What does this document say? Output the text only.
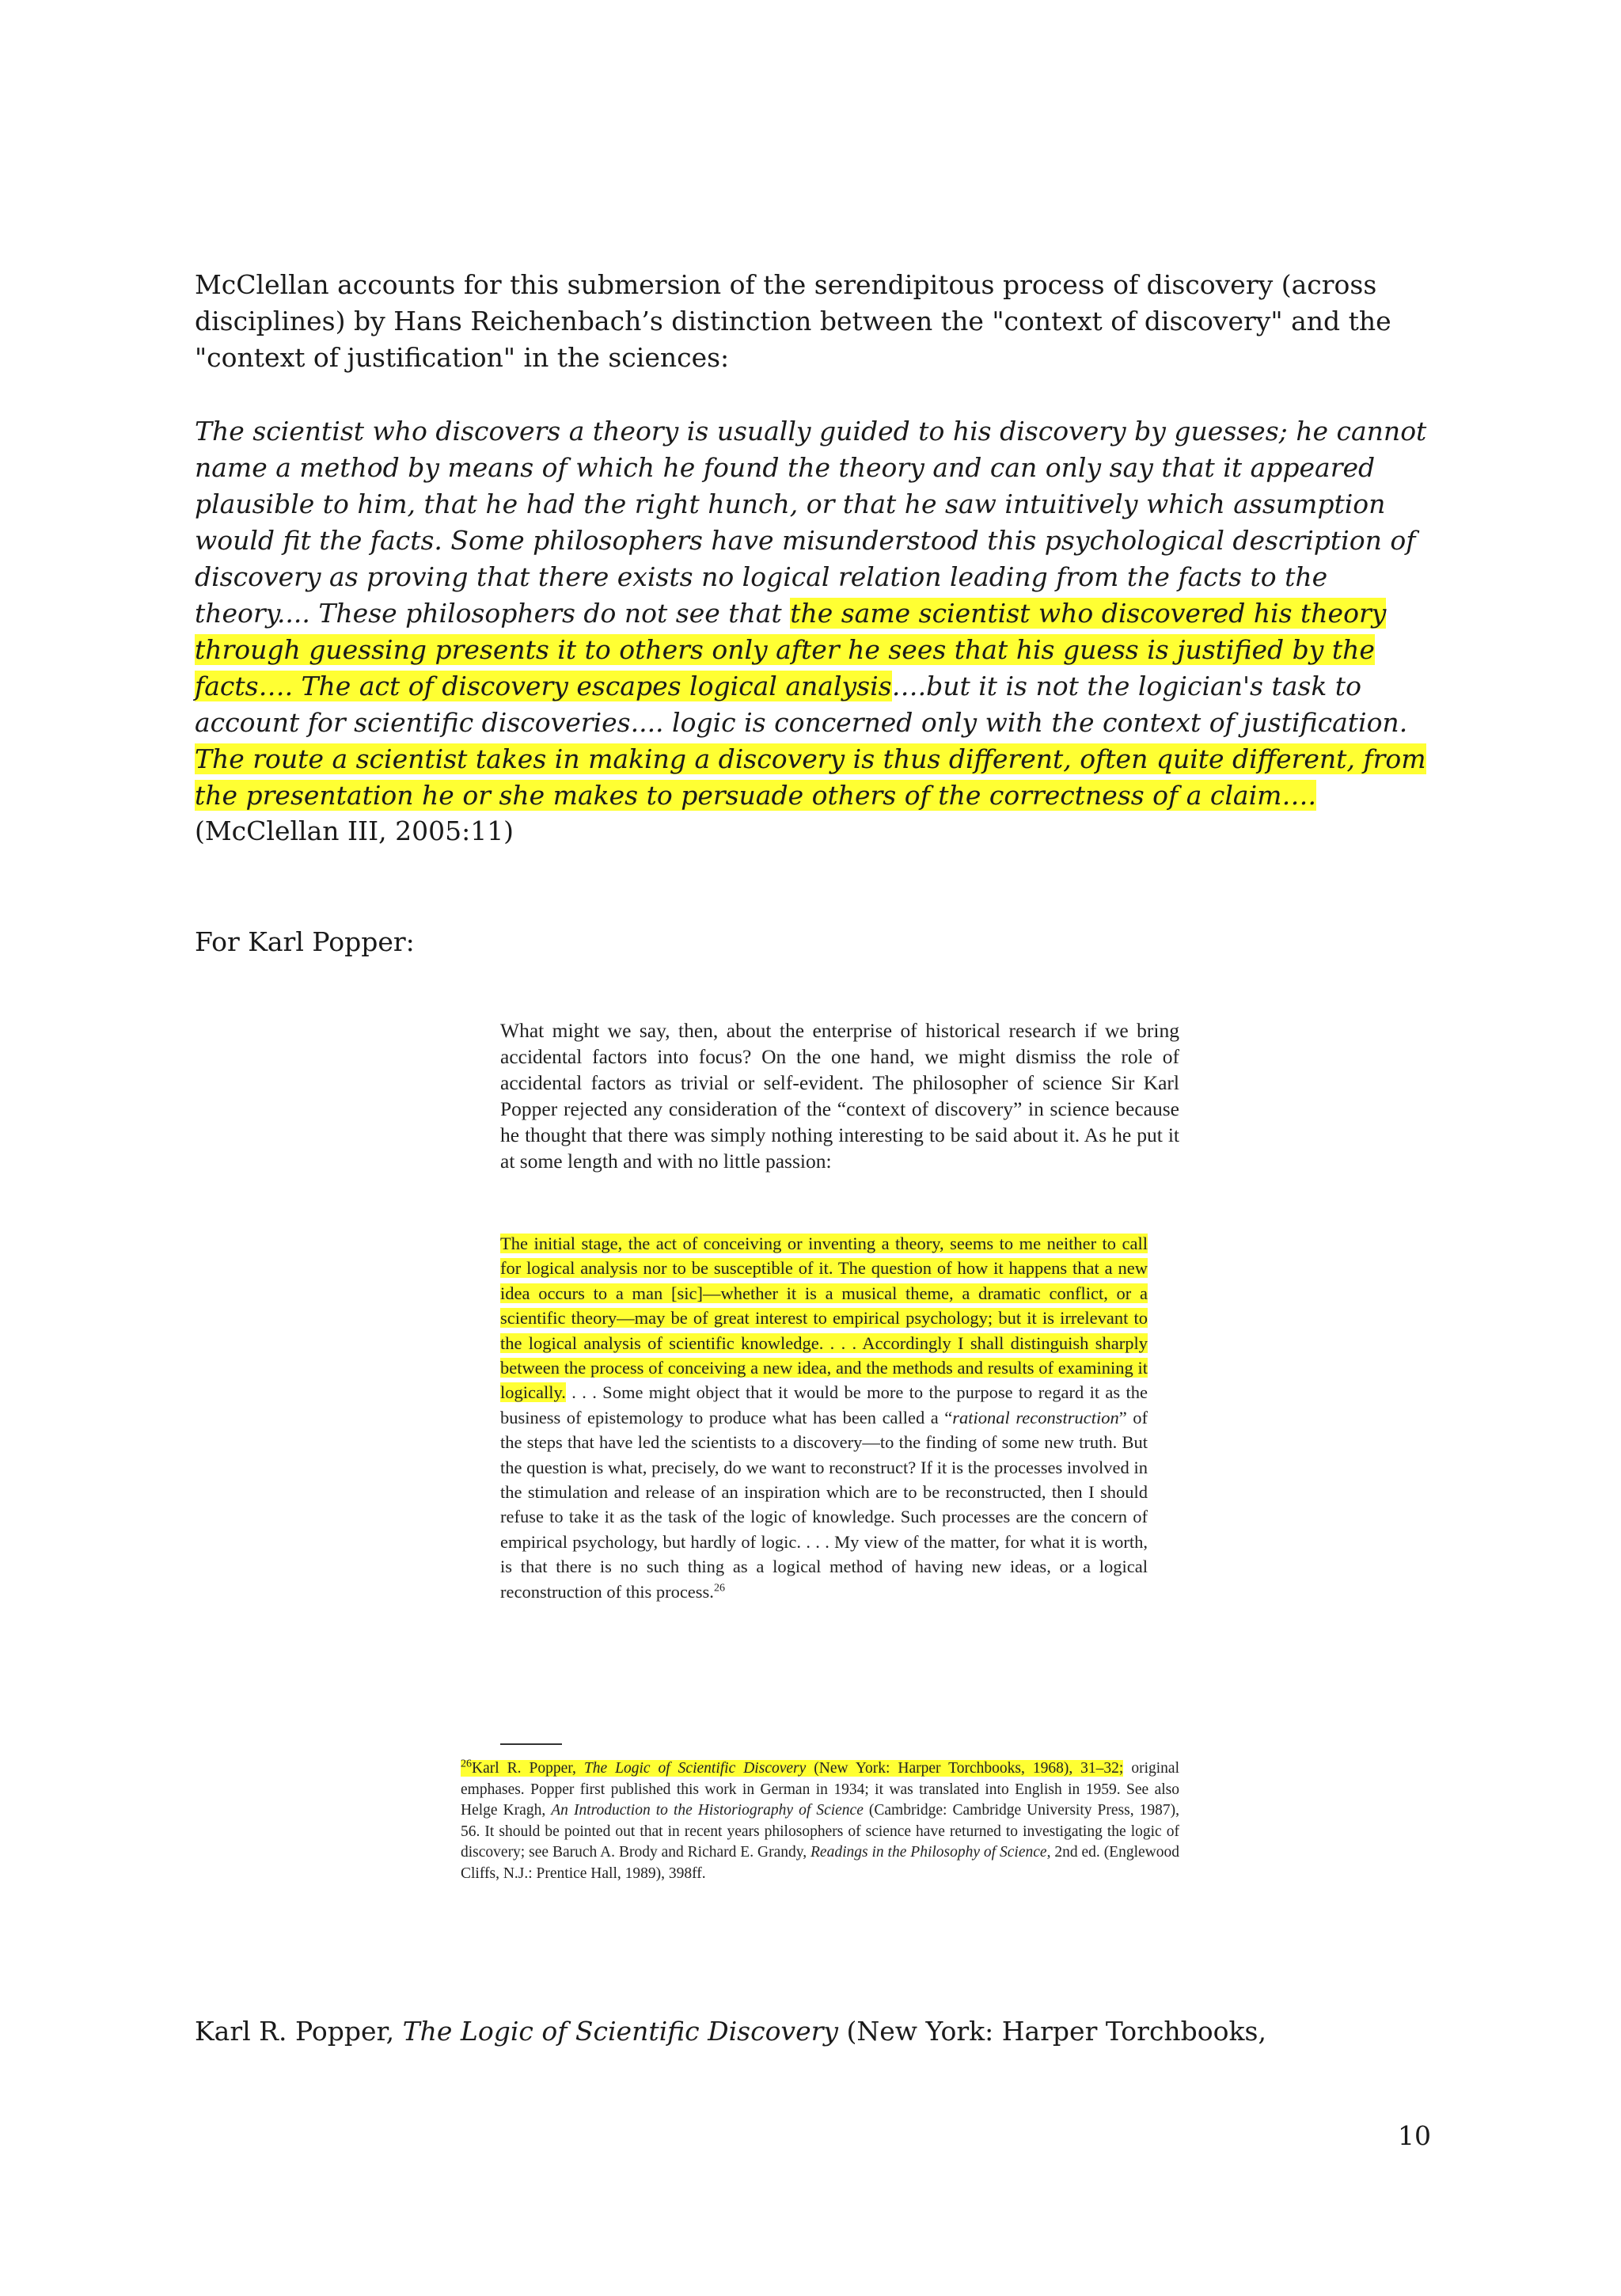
McClellan accounts for this submersion of the serendipitous process of discovery (across disciplines) by Hans Reichenbach’s distinction between the "context of discovery" and the "context of justification" in the sciences:
The scientist who discovers a theory is usually guided to his discovery by guesses; he cannot name a method by means of which he found the theory and can only say that it appeared plausible to him, that he had the right hunch, or that he saw intuitively which assumption would fit the facts. Some philosophers have misunderstood this psychological description of discovery as proving that there exists no logical relation leading from the facts to the theory.... These philosophers do not see that the same scientist who discovered his theory through guessing presents it to others only after he sees that his guess is justified by the facts…. The act of discovery escapes logical analysis….but it is not the logician's task to account for scientific discoveries.... logic is concerned only with the context of justification. The route a scientist takes in making a discovery is thus different, often quite different, from the presentation he or she makes to persuade others of the correctness of a claim….
(McClellan III, 2005:11)
For Karl Popper:

What might we say, then, about the enterprise of historical research if we bring accidental factors into focus? On the one hand, we might dismiss the role of accidental factors as trivial or self-evident. The philosopher of science Sir Karl Popper rejected any consideration of the “context of discovery” in science because he thought that there was simply nothing interesting to be said about it. As he put it at some length and with no little passion:

The initial stage, the act of conceiving or inventing a theory, seems to me neither to call for logical analysis nor to be susceptible of it. The question of how it happens that a new idea occurs to a man [sic]—whether it is a musical theme, a dramatic conflict, or a scientific theory—may be of great interest to empirical psychology; but it is irrelevant to the logical analysis of scientific knowledge. . . . Accordingly I shall distinguish sharply between the process of conceiving a new idea, and the methods and results of examining it logically. . . . Some might object that it would be more to the purpose to regard it as the business of epistemology to produce what has been called a “rational reconstruction” of the steps that have led the scientists to a discovery—to the finding of some new truth. But the question is what, precisely, do we want to reconstruct? If it is the processes involved in the stimulation and release of an inspiration which are to be reconstructed, then I should refuse to take it as the task of the logic of knowledge. Such processes are the concern of empirical psychology, but hardly of logic. . . . My view of the matter, for what it is worth, is that there is no such thing as a logical method of having new ideas, or a logical reconstruction of this process.$^{26}$
$^{26}$Karl R. Popper, The Logic of Scientific Discovery (New York: Harper Torchbooks, 1968), 31–32; original emphases. Popper first published this work in German in 1934; it was translated into English in 1959. See also Helge Kragh, An Introduction to the Historiography of Science (Cambridge: Cambridge University Press, 1987), 56. It should be pointed out that in recent years philosophers of science have returned to investigating the logic of discovery; see Baruch A. Brody and Richard E. Grandy, Readings in the Philosophy of Science, 2nd ed. (Englewood Cliffs, N.J.: Prentice Hall, 1989), 398ff.
Karl R. Popper, The Logic of Scientific Discovery (New York: Harper Torchbooks,
10
